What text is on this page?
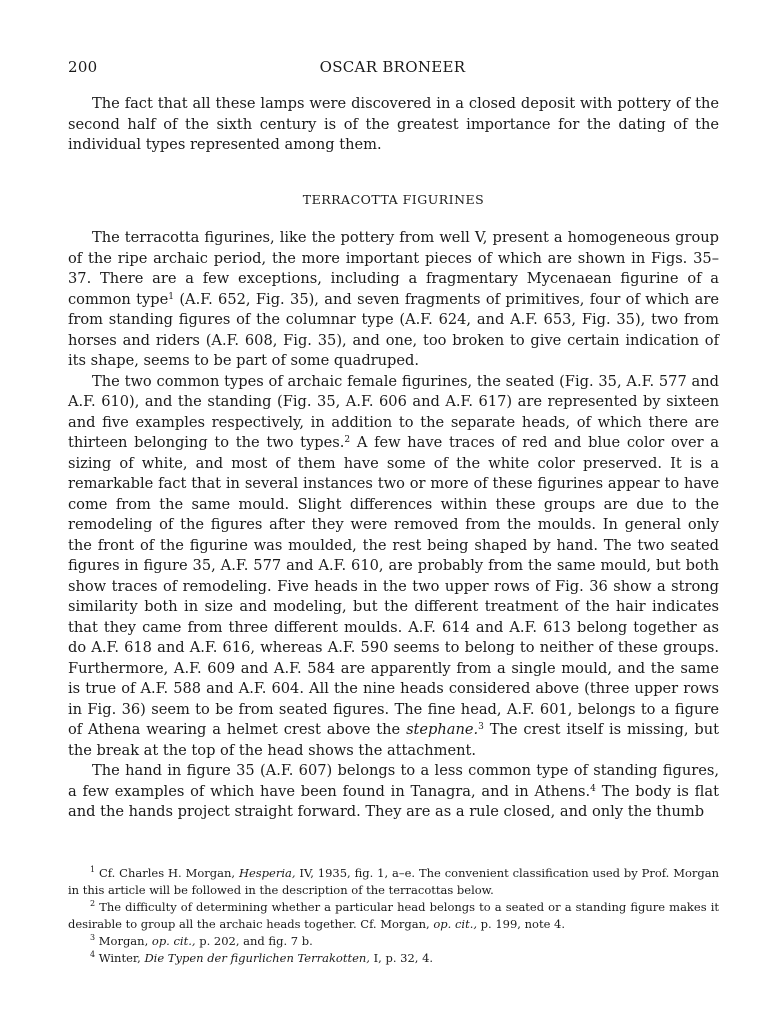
200	OSCAR BRONEER

The fact that all these lamps were discovered in a closed deposit with pottery of the second half of the sixth century is of the greatest importance for the dating of the individual types represented among them.

TERRACOTTA FIGURINES

The terracotta figurines, like the pottery from well V, present a homogeneous group of the ripe archaic period, the more important pieces of which are shown in Figs. 35–37. There are a few exceptions, including a fragmentary Mycenaean figurine of a common type$^1$ (A.F. 652, Fig. 35), and seven fragments of primitives, four of which are from standing figures of the columnar type (A.F. 624, and A.F. 653, Fig. 35), two from horses and riders (A.F. 608, Fig. 35), and one, too broken to give certain indication of its shape, seems to be part of some quadruped.

The two common types of archaic female figurines, the seated (Fig. 35, A.F. 577 and A.F. 610), and the standing (Fig. 35, A.F. 606 and A.F. 617) are represented by sixteen and five examples respectively, in addition to the separate heads, of which there are thirteen belonging to the two types.$^2$ A few have traces of red and blue color over a sizing of white, and most of them have some of the white color preserved. It is a remarkable fact that in several instances two or more of these figurines appear to have come from the same mould. Slight differences within these groups are due to the remodeling of the figures after they were removed from the moulds. In general only the front of the figurine was moulded, the rest being shaped by hand. The two seated figures in figure 35, A.F. 577 and A.F. 610, are probably from the same mould, but both show traces of remodeling. Five heads in the two upper rows of Fig. 36 show a strong similarity both in size and modeling, but the different treatment of the hair indicates that they came from three different moulds. A.F. 614 and A.F. 613 belong together as do A.F. 618 and A.F. 616, whereas A.F. 590 seems to belong to neither of these groups. Furthermore, A.F. 609 and A.F. 584 are apparently from a single mould, and the same is true of A.F. 588 and A.F. 604. All the nine heads considered above (three upper rows in Fig. 36) seem to be from seated figures. The fine head, A.F. 601, belongs to a figure of Athena wearing a helmet crest above the stephane.$^3$ The crest itself is missing, but the break at the top of the head shows the attachment.

The hand in figure 35 (A.F. 607) belongs to a less common type of standing figures, a few examples of which have been found in Tanagra, and in Athens.$^4$ The body is flat and the hands project straight forward. They are as a rule closed, and only the thumb

$^1$ Cf. Charles H. Morgan, Hesperia, IV, 1935, fig. 1, a–e. The convenient classification used by Prof. Morgan in this article will be followed in the description of the terracottas below.

$^2$ The difficulty of determining whether a particular head belongs to a seated or a standing figure makes it desirable to group all the archaic heads together. Cf. Morgan, op. cit., p. 199, note 4.

$^3$ Morgan, op. cit., p. 202, and fig. 7 b.

$^4$ Winter, Die Typen der figurlichen Terrakotten, I, p. 32, 4.
